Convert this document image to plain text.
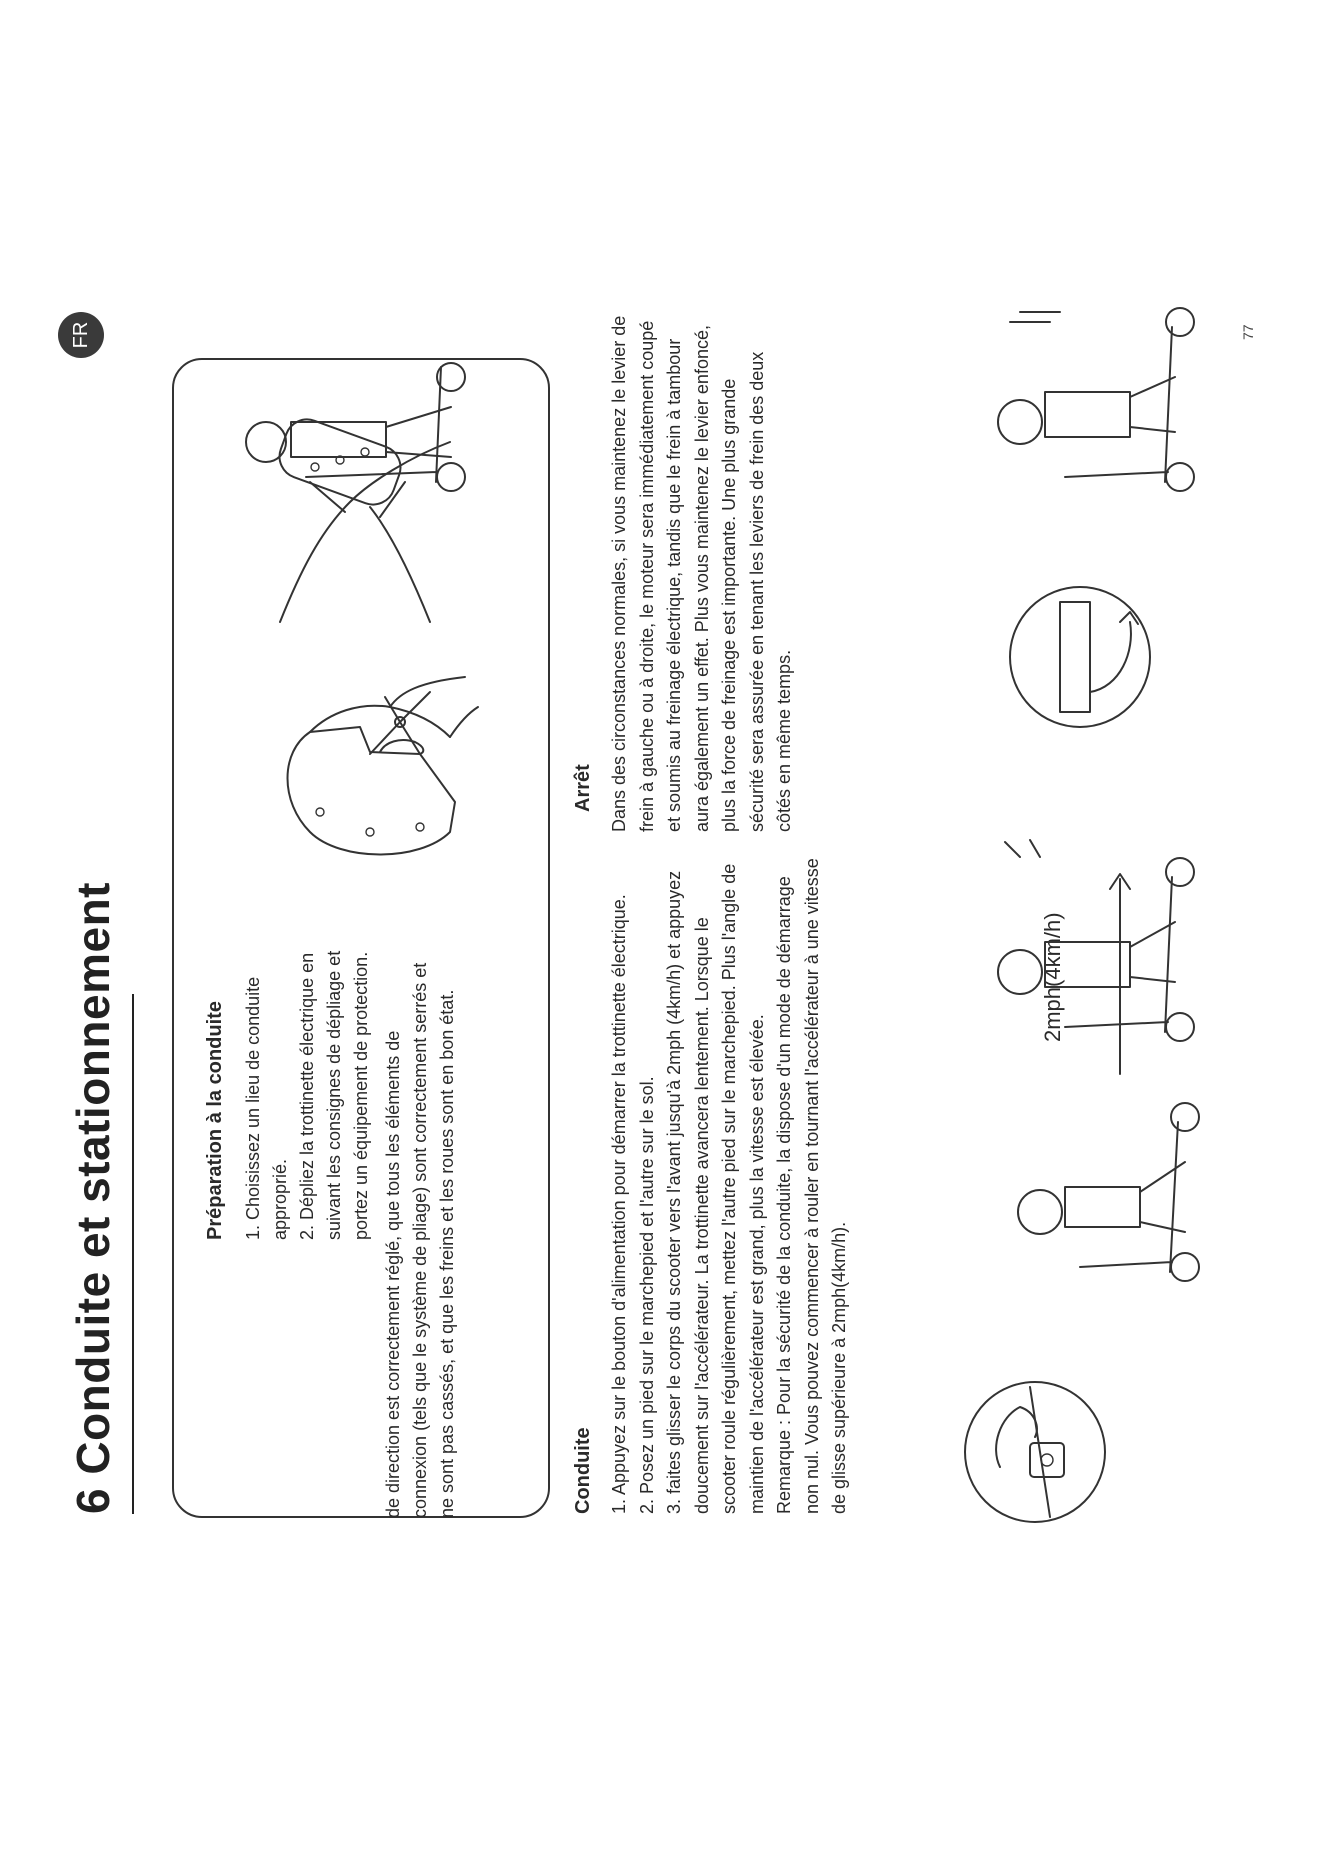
FR
6 Conduite et stationnement	Préparation à la conduite 1. Choisissez un lieu de conduite approprié. 2. Dépliez la trottinette électrique en suivant les consignes de dépliage et portez un équipement de protection. de direction est correctement réglé, que tous les éléments de connexion (tels que le système de pliage) sont correctement serrés et ne sont pas cassés, et que les freins et les roues sont en bon état.	Conduite 1. Appuyez sur le bouton d'alimentation pour démarrer la trottinette électrique. 2. Posez un pied sur le marchepied et l'autre sur le sol. 3. faites glisser le corps du scooter vers l'avant jusqu'à 2mph (4km/h) et appuyez doucement sur l'accélérateur. La trottinette avancera lentement. Lorsque le scooter roule régulièrement, mettez l'autre pied sur le marchepied. Plus l'angle de maintien de l'accélérateur est grand, plus la vitesse est élevée. Remarque : Pour la sécurité de la conduite, la dispose d'un mode de démarrage non nul. Vous pouvez commencer à rouler en tournant l'accélérateur à une vitesse de glisse supérieure à 2mph(4km/h).

Arrêt Dans des circonstances normales, si vous maintenez le levier de frein à gauche ou à droite, le moteur sera immédiatement coupé et soumis au freinage électrique, tandis que le frein à tambour aura également un effet. Plus vous maintenez le levier enfoncé, plus la force de freinage est importante. Une plus grande sécurité sera assurée en tenant les leviers de frein des deux côtés en même temps.

2mph(4km/h)
77
